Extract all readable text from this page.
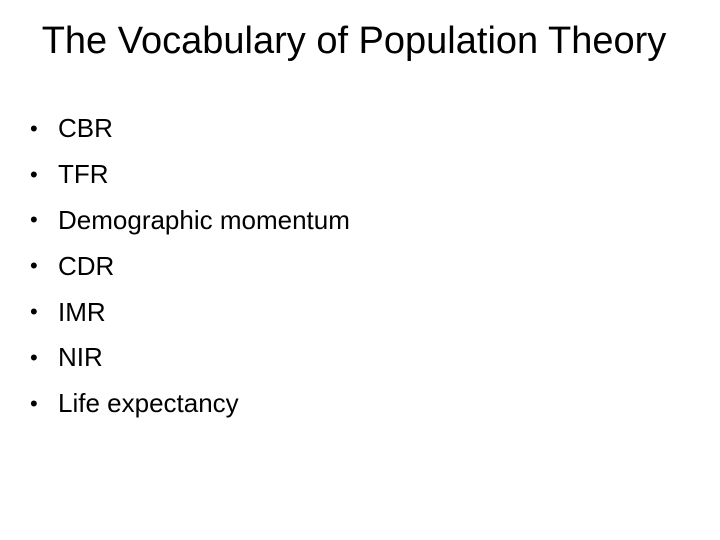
The Vocabulary of Population Theory
• CBR
• TFR
• Demographic momentum
• CDR
• IMR
• NIR
• Life expectancy
